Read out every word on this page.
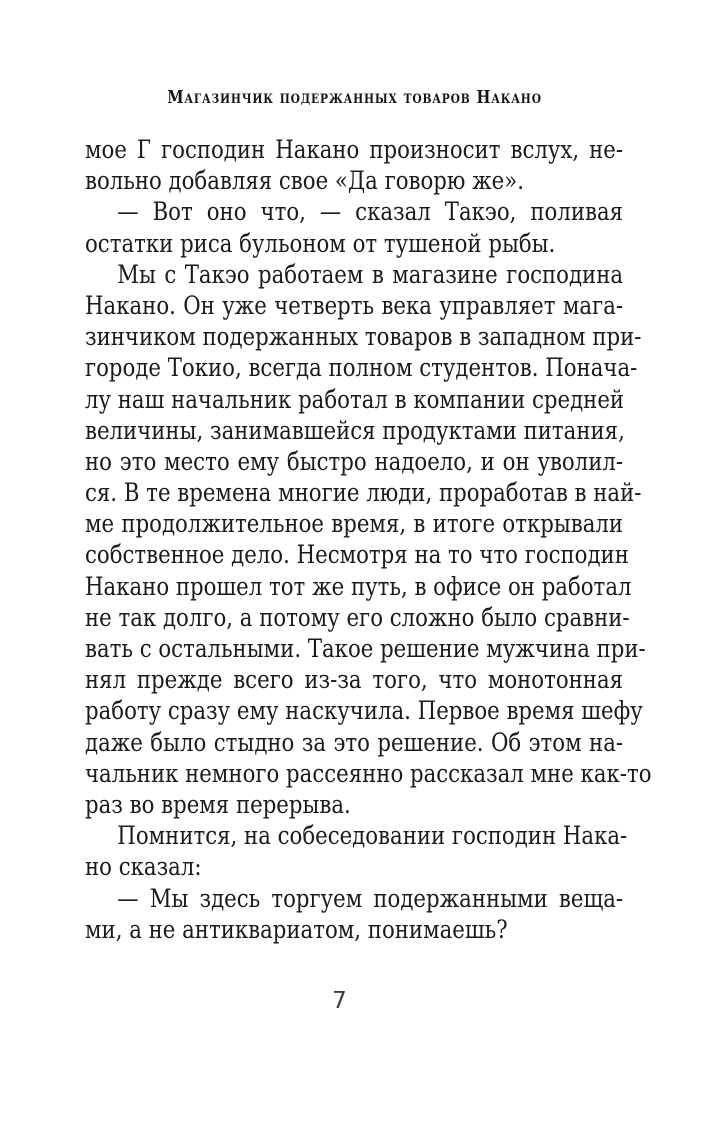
Магазинчик подержанных товаров Накано
мое Г господин Накано произносит вслух, не-
вольно добавляя свое «Да говорю же».
— Вот оно что, — сказал Такэо, поливая
остатки риса бульоном от тушеной рыбы.
Мы с Такэо работаем в магазине господина
Накано. Он уже четверть века управляет мага-
зинчиком подержанных товаров в западном при-
городе Токио, всегда полном студентов. Понача-
лу наш начальник работал в компании средней
величины, занимавшейся продуктами питания,
но это место ему быстро надоело, и он уволил-
ся. В те времена многие люди, проработав в най-
ме продолжительное время, в итоге открывали
собственное дело. Несмотря на то что господин
Накано прошел тот же путь, в офисе он работал
не так долго, а потому его сложно было сравни-
вать с остальными. Такое решение мужчина при-
нял прежде всего из-за того, что монотонная
работу сразу ему наскучила. Первое время шефу
даже было стыдно за это решение. Об этом на-
чальник немного рассеянно рассказал мне как-то
раз во время перерыва.
Помнится, на собеседовании господин Нака-
но сказал:
— Мы здесь торгуем подержанными веща-
ми, а не антиквариатом, понимаешь?
7
